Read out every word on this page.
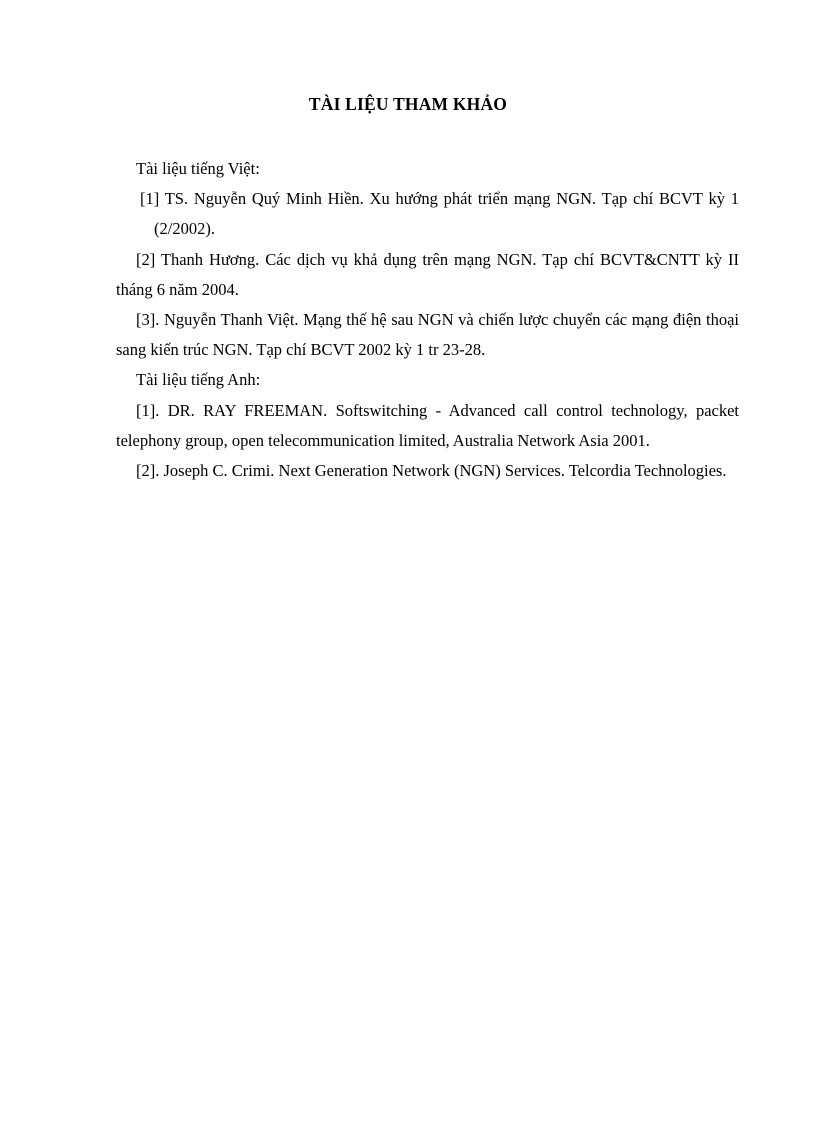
TÀI LIỆU THAM KHẢO

Tài liệu tiếng Việt:

[1] TS. Nguyễn Quý Minh Hiền. Xu hướng phát triển mạng NGN. Tạp chí BCVT kỳ 1(2/2002).

[2] Thanh Hương. Các dịch vụ khả dụng trên mạng NGN. Tạp chí BCVT&CNTT kỳ II tháng 6 năm 2004.

[3]. Nguyễn Thanh Việt. Mạng thế hệ sau NGN và chiến lược chuyển các mạng điện thoại sang kiến trúc NGN. Tạp chí BCVT 2002 kỳ 1 tr 23-28.

Tài liệu tiếng Anh:

[1]. DR. RAY FREEMAN. Softswitching - Advanced call control technology, packet telephony group, open telecommunication limited, Australia Network Asia 2001.

[2]. Joseph C. Crimi. Next Generation Network (NGN) Services. Telcordia Technologies.
